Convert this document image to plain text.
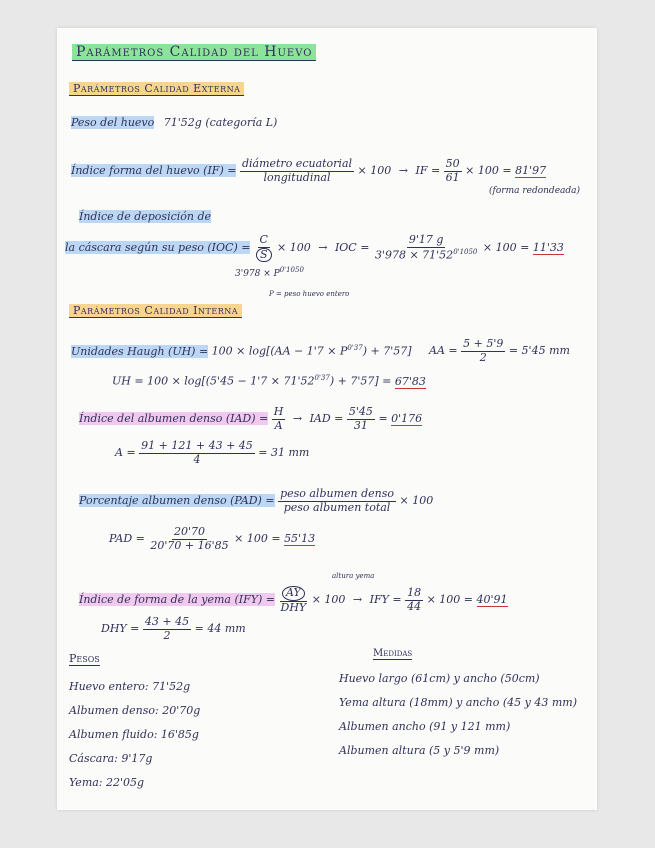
Parámetros Calidad del Huevo
Parámetros Calidad Externa
Peso del huevo 71'52g (categoría L)
Índice forma del huevo $(IF) = \frac{\text{diámetro ecuatorial}}{\text{longitudinal}} \times 100$ → IF = $\frac{50}{61} \times 100 = 81'97$
(forma redondeada)
Índice de deposición de
la cáscara según su peso $(IOC) = \frac{C}{S} \times 100$ → IOC = $\frac{9'17 g}{3'978 \times 71'52^{0'1050}} \times 100 = 11'33$
$3'978 \times P^{0'1050}$
P = peso huevo entero
Parámetros Calidad Interna
Unidades Haugh $(UH) = 100 \times \log[(AA - 1'7 \times P^{0'37}) + 7'57]$ AA = $\frac{5 + 5'9}{2} = 5'45$ mm
UH = $100 \times \log[(5'45 - 1'7 \times 71'52^{0'37}) + 7'57] = 67'83$
Índice del albumen denso $(IAD) = \frac{H}{A}$ → IAD = $\frac{5'45}{31} = 0'176$
$A = \frac{91 + 121 + 43 + 45}{4} = 31$ mm
Porcentaje albumen denso $(PAD) = \frac{\text{peso albumen denso}}{\text{peso albumen total}} \times 100$
PAD = $\frac{20'70}{20'70 + 16'85} \times 100 = 55'13$
altura yema
Índice de forma de la yema $(IFY) = \frac{AY}{\text{DHY}} \times 100$ → IFY = $\frac{18}{44} \times 100 = 40'91$
DHY = $\frac{43 + 45}{2} = 44$ mm
Pesos
Huevo entero: 71'52g
Albumen denso: 20'70g
Albumen fluido: 16'85g
Cáscara: 9'17g
Yema: 22'05g
Medidas
Huevo largo (61cm) y ancho (50cm)
Yema altura (18mm) y ancho (45 y 43 mm)
Albumen ancho (91 y 121 mm)
Albumen altura (5 y 5'9 mm)
